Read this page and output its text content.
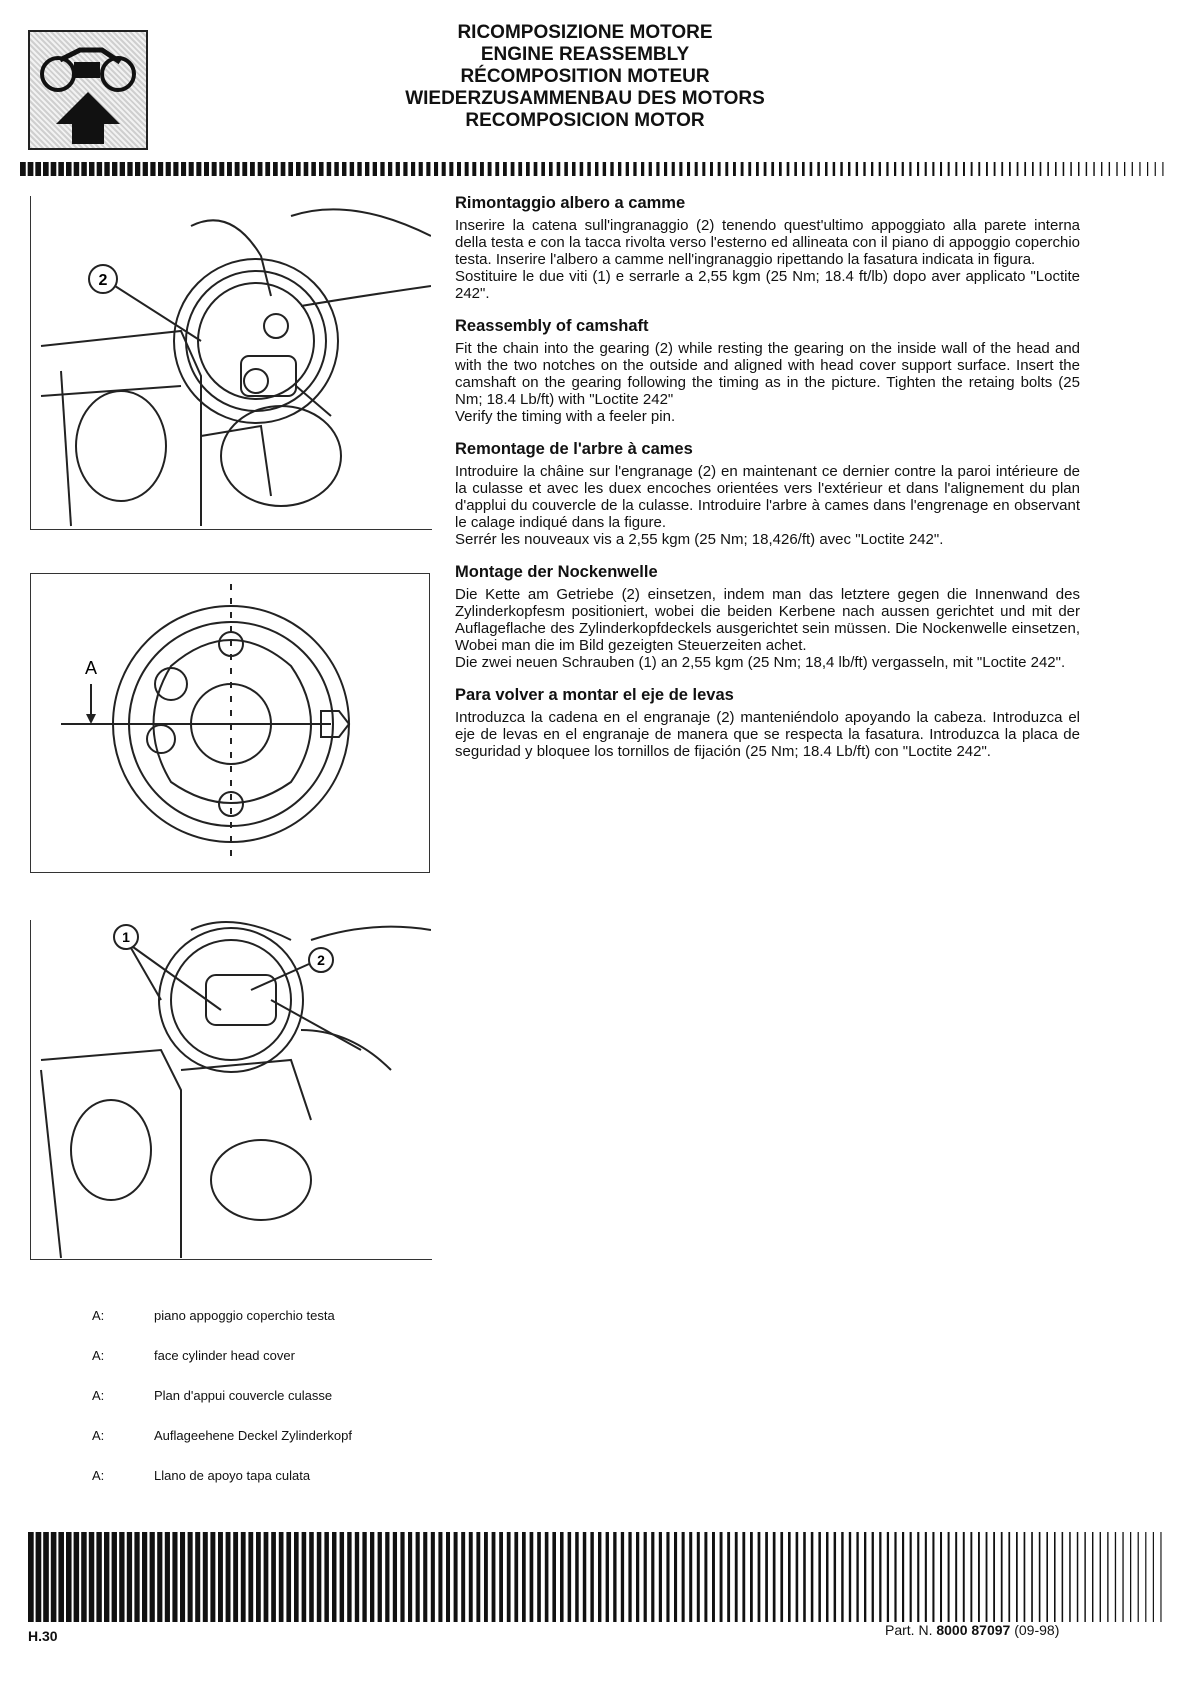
RICOMPOSIZIONE MOTORE
ENGINE REASSEMBLY
RÉCOMPOSITION MOTEUR
WIEDERZUSAMMENBAU DES MOTORS
RECOMPOSICION MOTOR
2
A
1
2
Rimontaggio albero a camme

Inserire la catena sull'ingranaggio (2) tenendo quest'ultimo appoggiato alla parete interna della testa e con la tacca rivolta verso l'esterno ed allineata con il piano di appoggio coperchio testa. Inserire l'albero a camme nell'ingranaggio ripettando la fasatura indicata in figura.
Sostituire le due viti (1) e serrarle a 2,55 kgm (25 Nm; 18.4 ft/lb) dopo aver applicato "Loctite 242".

Reassembly of camshaft

Fit the chain into the gearing (2) while resting the gearing on the inside wall of the head and with the two notches on the outside and aligned with head cover support surface. Insert the camshaft on the gearing following the timing as in the picture. Tighten the retaing bolts (25 Nm; 18.4 Lb/ft) with "Loctite 242"
Verify the timing with a feeler pin.

Remontage de l'arbre à cames

Introduire la châine sur l'engranage (2) en maintenant ce dernier contre la paroi intérieure de la culasse et avec les duex encoches orientées vers l'extérieur et dans l'alignement du plan d'applui du couvercle de la culasse. Introduire l'arbre à cames dans l'engrenage en observant le calage indiqué dans la figure.
Serrér les nouveaux vis a 2,55 kgm (25 Nm; 18,426/ft) avec "Loctite 242".

Montage der Nockenwelle

Die Kette am Getriebe (2) einsetzen, indem man das letztere gegen die Innenwand des Zylinderkopfesm positioniert, wobei die beiden Kerbene nach aussen gerichtet und mit der Auflageflache des Zylinderkopfdeckels ausgerichtet sein müssen. Die Nockenwelle einsetzen, Wobei man die im Bild gezeigten Steuerzeiten achet.
Die zwei neuen Schrauben (1) an 2,55 kgm (25 Nm; 18,4 lb/ft) vergasseln, mit "Loctite 242".

Para volver a montar el eje de levas

Introduzca la cadena en el engranaje (2) manteniéndolo apoyando la cabeza. Introduzca el eje de levas en el engranaje de manera que se respecta la fasatura. Introduzca la placa de seguridad y bloquee los tornillos de fijación (25 Nm; 18.4 Lb/ft) con "Loctite 242".

A:	piano appoggio coperchio testa
A:	face cylinder head cover
A:	Plan d'appui couvercle culasse
A:	Auflageehene Deckel Zylinderkopf
A:	Llano de apoyo tapa culata
H.30	Part. N. 8000 87097 (09-98)
